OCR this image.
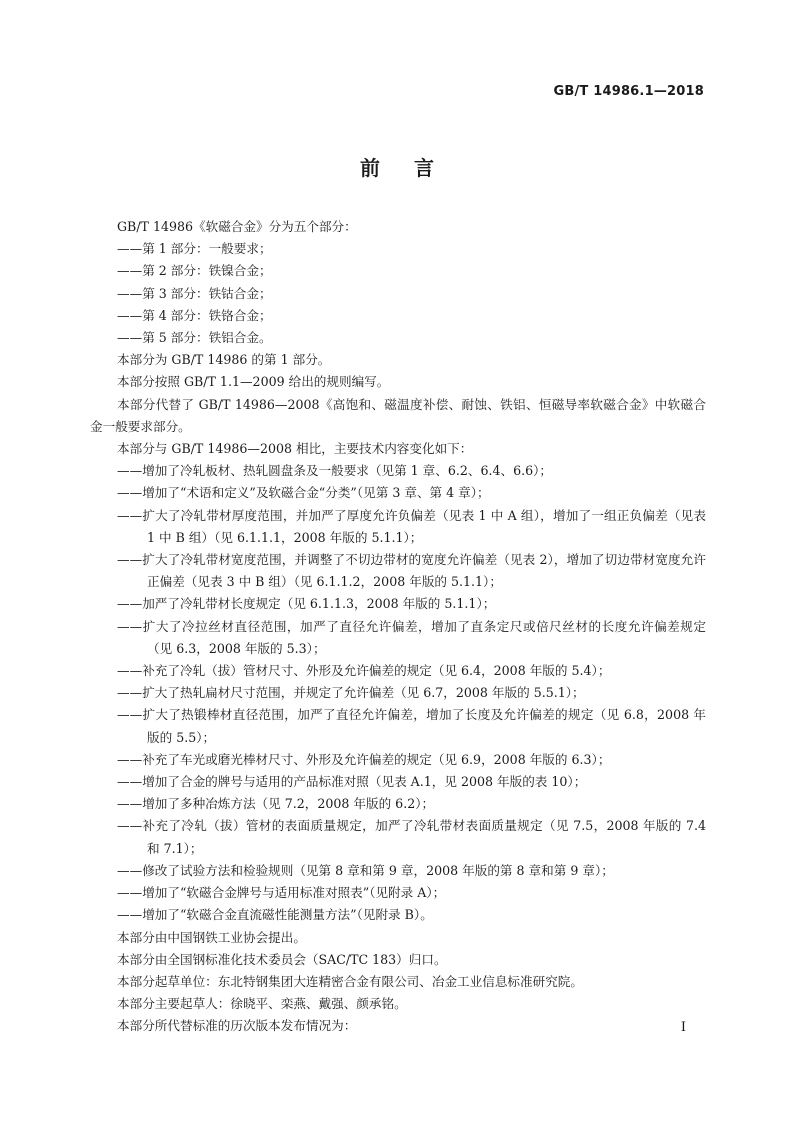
GB/T 14986.1—2018
前言
GB/T 14986《软磁合金》分为五个部分：
——第 1 部分：一般要求；
——第 2 部分：铁镍合金；
——第 3 部分：铁钴合金；
——第 4 部分：铁铬合金；
——第 5 部分：铁铝合金。
本部分为 GB/T 14986 的第 1 部分。
本部分按照 GB/T 1.1—2009 给出的规则编写。
本部分代替了 GB/T 14986—2008《高饱和、磁温度补偿、耐蚀、铁铝、恒磁导率软磁合金》中软磁合金一般要求部分。
本部分与 GB/T 14986—2008 相比，主要技术内容变化如下：
——增加了冷轧板材、热轧圆盘条及一般要求（见第 1 章、6.2、6.4、6.6）；
——增加了“术语和定义”及软磁合金“分类”（见第 3 章、第 4 章）；
——扩大了冷轧带材厚度范围，并加严了厚度允许负偏差（见表 1 中 A 组），增加了一组正负偏差（见表 1 中 B 组）（见 6.1.1.1，2008 年版的 5.1.1）；
——扩大了冷轧带材宽度范围，并调整了不切边带材的宽度允许偏差（见表 2），增加了切边带材宽度允许正偏差（见表 3 中 B 组）（见 6.1.1.2，2008 年版的 5.1.1）；
——加严了冷轧带材长度规定（见 6.1.1.3，2008 年版的 5.1.1）；
——扩大了冷拉丝材直径范围，加严了直径允许偏差，增加了直条定尺或倍尺丝材的长度允许偏差规定（见 6.3，2008 年版的 5.3）；
——补充了冷轧（拔）管材尺寸、外形及允许偏差的规定（见 6.4，2008 年版的 5.4）；
——扩大了热轧扁材尺寸范围，并规定了允许偏差（见 6.7，2008 年版的 5.5.1）；
——扩大了热锻棒材直径范围，加严了直径允许偏差，增加了长度及允许偏差的规定（见 6.8，2008 年版的 5.5）；
——补充了车光或磨光棒材尺寸、外形及允许偏差的规定（见 6.9，2008 年版的 6.3）；
——增加了合金的牌号与适用的产品标准对照（见表 A.1，见 2008 年版的表 10）；
——增加了多种冶炼方法（见 7.2，2008 年版的 6.2）；
——补充了冷轧（拔）管材的表面质量规定，加严了冷轧带材表面质量规定（见 7.5，2008 年版的 7.4 和 7.1）；
——修改了试验方法和检验规则（见第 8 章和第 9 章，2008 年版的第 8 章和第 9 章）；
——增加了“软磁合金牌号与适用标准对照表”（见附录 A）；
——增加了“软磁合金直流磁性能测量方法”（见附录 B）。
本部分由中国钢铁工业协会提出。
本部分由全国钢标准化技术委员会（SAC/TC 183）归口。
本部分起草单位：东北特钢集团大连精密合金有限公司、冶金工业信息标准研究院。
本部分主要起草人：徐晓平、栾燕、戴强、颜承铭。
本部分所代替标准的历次版本发布情况为：	I
